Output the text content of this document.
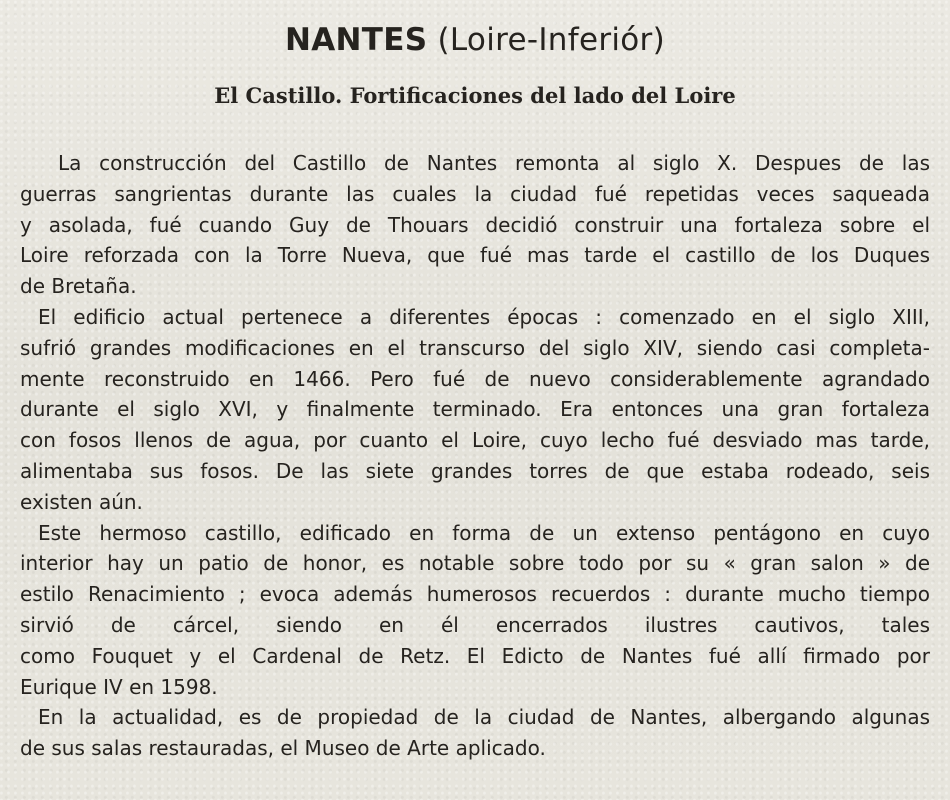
NANTES (Loire-Inferiór)
El Castillo. Fortificaciones del lado del Loire
La construcción del Castillo de Nantes remonta al siglo X. Despues de las
guerras sangrientas durante las cuales la ciudad fué repetidas veces saqueada
y asolada, fué cuando Guy de Thouars decidió construir una fortaleza sobre el
Loire reforzada con la Torre Nueva, que fué mas tarde el castillo de los Duques
de Bretaña.
El edificio actual pertenece a diferentes épocas : comenzado en el siglo XIII,
sufrió grandes modificaciones en el transcurso del siglo XIV, siendo casi completa-
mente reconstruido en 1466. Pero fué de nuevo considerablemente agrandado
durante el siglo XVI, y finalmente terminado. Era entonces una gran fortaleza
con fosos llenos de agua, por cuanto el Loire, cuyo lecho fué desviado mas tarde,
alimentaba sus fosos. De las siete grandes torres de que estaba rodeado, seis
existen aún.
Este hermoso castillo, edificado en forma de un extenso pentágono en cuyo
interior hay un patio de honor, es notable sobre todo por su « gran salon » de
estilo Renacimiento ; evoca además humerosos recuerdos : durante mucho tiempo
sirvió de cárcel, siendo en él encerrados ilustres cautivos, tales
como Fouquet y el Cardenal de Retz. El Edicto de Nantes fué allí firmado por
Eurique IV en 1598.
En la actualidad, es de propiedad de la ciudad de Nantes, albergando algunas
de sus salas restauradas, el Museo de Arte aplicado.
